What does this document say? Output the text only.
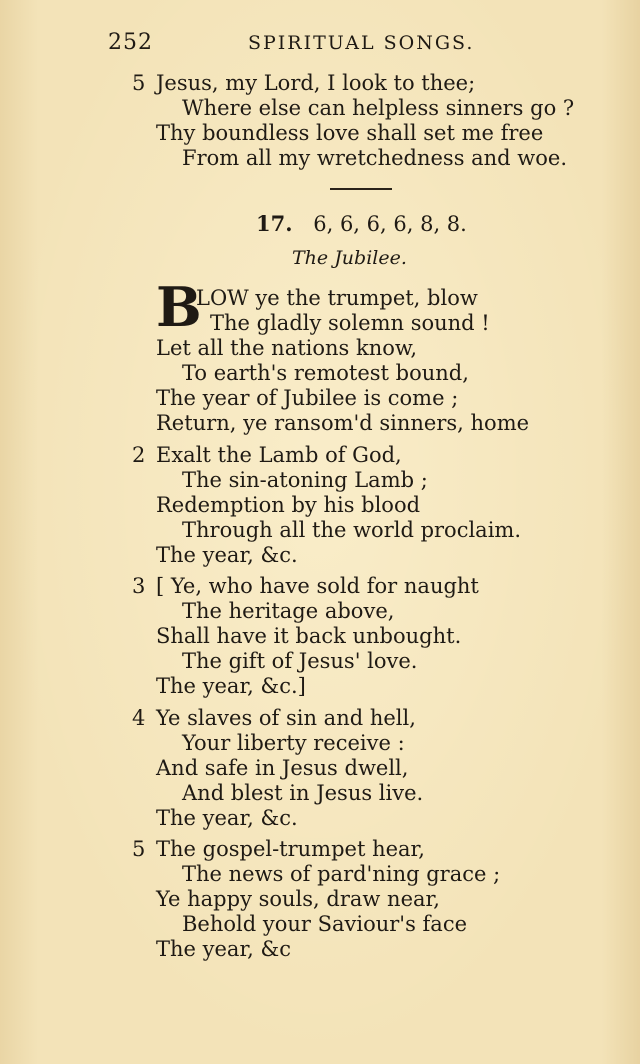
252	SPIRITUAL SONGS.
5 Jesus, my Lord, I look to thee;
Where else can helpless sinners go ?
Thy boundless love shall set me free
From all my wretchedness and woe.
17. 6, 6, 6, 6, 8, 8.
The Jubilee.
B
LOW ye the trumpet, blow
The gladly solemn sound !
Let all the nations know,
To earth's remotest bound,
The year of Jubilee is come ;
Return, ye ransom'd sinners, home
2 Exalt the Lamb of God,
The sin-atoning Lamb ;
Redemption by his blood
Through all the world proclaim.
The year, &c.
3 [ Ye, who have sold for naught
The heritage above,
Shall have it back unbought.
The gift of Jesus' love.
The year, &c.]
4 Ye slaves of sin and hell,
Your liberty receive :
And safe in Jesus dwell,
And blest in Jesus live.
The year, &c.
5 The gospel-trumpet hear,
The news of pard'ning grace ;
Ye happy souls, draw near,
Behold your Saviour's face
The year, &c
